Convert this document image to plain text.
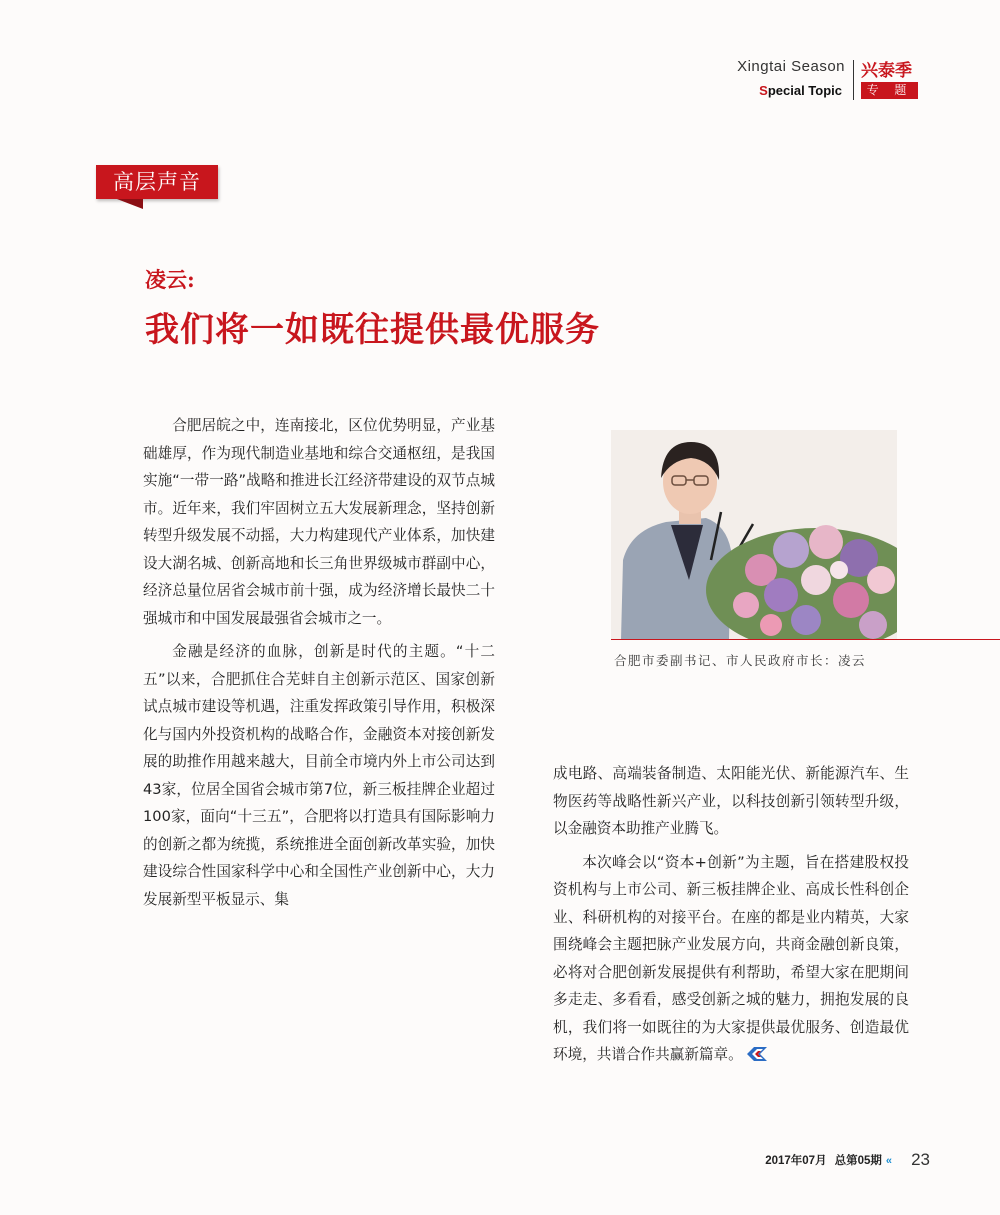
Xingtai Season
Special Topic
兴泰季
专 题
高层声音
凌云:
我们将一如既往提供最优服务

合肥居皖之中，连南接北，区位优势明显，产业基础雄厚，作为现代制造业基地和综合交通枢纽，是我国实施“一带一路”战略和推进长江经济带建设的双节点城市。近年来，我们牢固树立五大发展新理念，坚持创新转型升级发展不动摇，大力构建现代产业体系，加快建设大湖名城、创新高地和长三角世界级城市群副中心，经济总量位居省会城市前十强，成为经济增长最快二十强城市和中国发展最强省会城市之一。

金融是经济的血脉，创新是时代的主题。“十二五”以来，合肥抓住合芜蚌自主创新示范区、国家创新试点城市建设等机遇，注重发挥政策引导作用，积极深化与国内外投资机构的战略合作，金融资本对接创新发展的助推作用越来越大，目前全市境内外上市公司达到43家，位居全国省会城市第7位，新三板挂牌企业超过100家，面向“十三五”，合肥将以打造具有国际影响力的创新之都为统揽，系统推进全面创新改革实验，加快建设综合性国家科学中心和全国性产业创新中心，大力发展新型平板显示、集

合肥市委副书记、市人民政府市长：凌云

成电路、高端装备制造、太阳能光伏、新能源汽车、生物医药等战略性新兴产业，以科技创新引领转型升级，以金融资本助推产业腾飞。

本次峰会以“资本+创新”为主题，旨在搭建股权投资机构与上市公司、新三板挂牌企业、高成长性科创企业、科研机构的对接平台。在座的都是业内精英，大家围绕峰会主题把脉产业发展方向，共商金融创新良策，必将对合肥创新发展提供有利帮助，希望大家在肥期间多走走、多看看，感受创新之城的魅力，拥抱发展的良机，我们将一如既往的为大家提供最优服务、创造最优环境，共谱合作共赢新篇章。

23
2017年07月 总第05期 «
